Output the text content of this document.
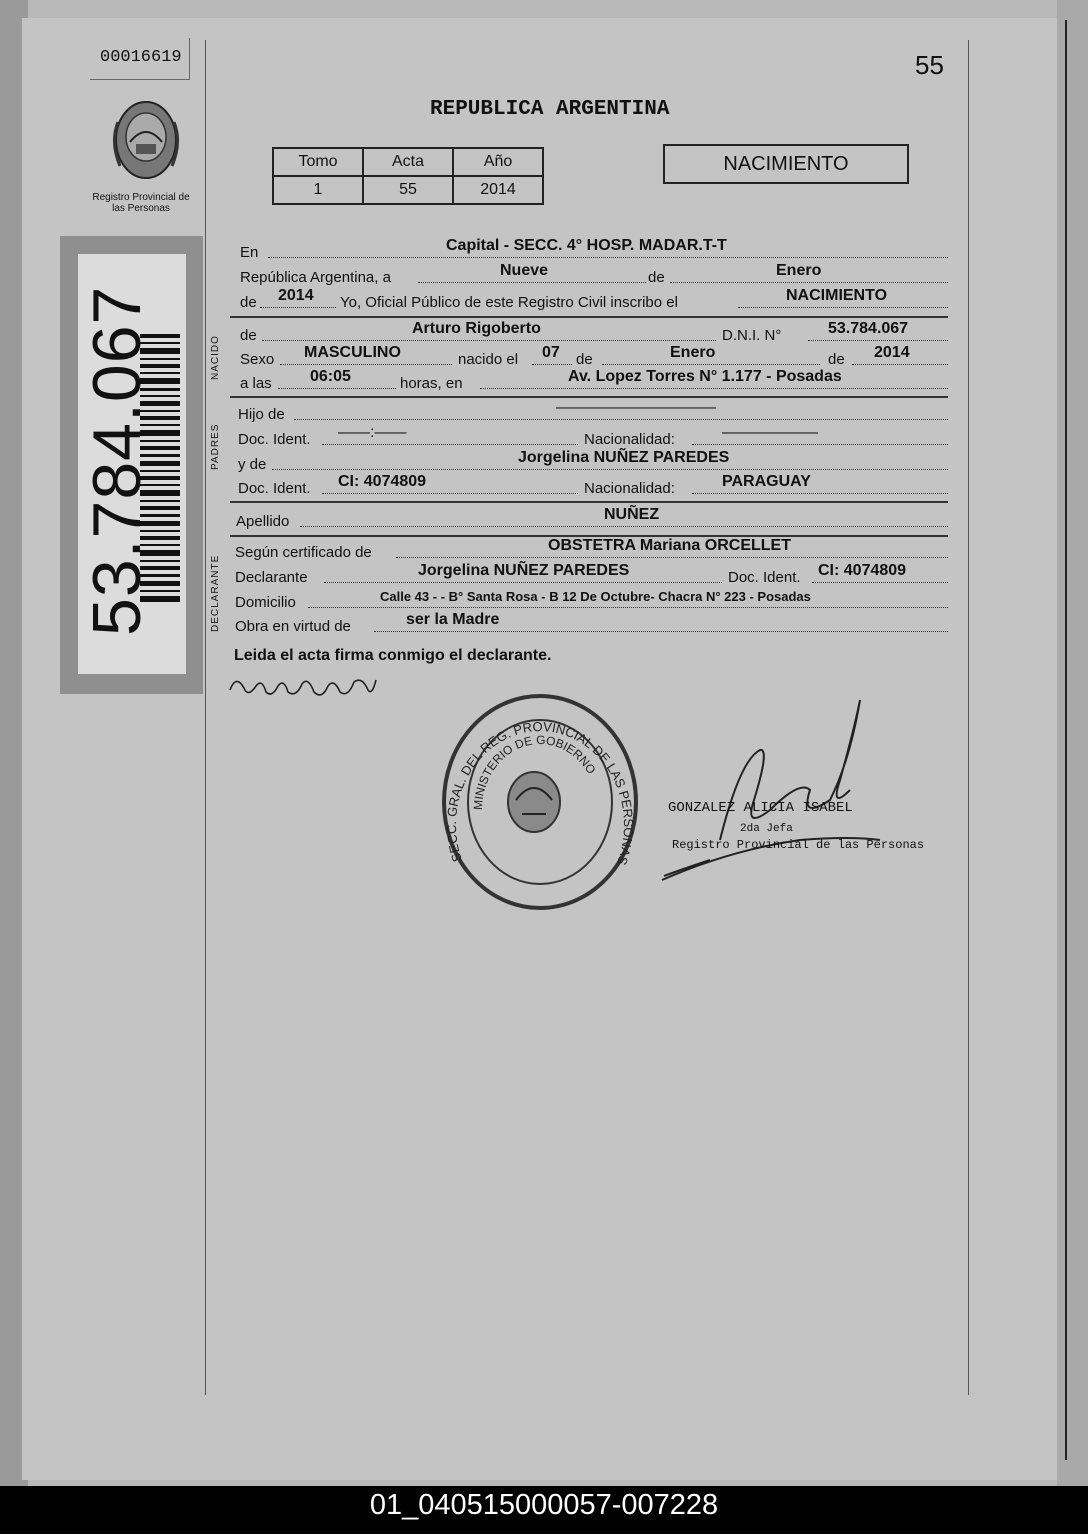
00016619	55
Registro Provincial de las Personas
53.784.067
REPUBLICA ARGENTINA
Tomo	Acta	Año
1	55	2014
NACIMIENTO
En	Capital - SECC. 4° HOSP. MADAR.T-T
República Argentina, a	Nueve	de	Enero
de 2014 Yo, Oficial Público de este Registro Civil inscribo el	NACIMIENTO
NACIDO de	Arturo Rigoberto	D.N.I. N°	53.784.067
Sexo MASCULINO	nacido el 07 de	Enero	de 2014
a las 06:05	horas, en	Av. Lopez Torres N° 1.177 - Posadas
PADRES
Hijo de	——————————
Doc. Ident. ——:——	Nacionalidad:	——————
y de	Jorgelina NUÑEZ PAREDES
Doc. Ident. CI: 4074809	Nacionalidad:	PARAGUAY
Apellido	NUÑEZ
DECLARANTE
Según certificado de	OBSTETRA Mariana ORCELLET
Declarante	Jorgelina NUÑEZ PAREDES	Doc. Ident. CI: 4074809
Domicilio	Calle 43 - - B° Santa Rosa - B 12 De Octubre- Chacra N° 223 - Posadas
Obra en virtud de	ser la Madre
Leida el acta firma conmigo el declarante.
SECC. GRAL. DEL REG. PROVINCIAL DE LAS PERSONAS
MINISTERIO DE GOBIERNO
GONZALEZ ALICIA ISABEL
2da Jefa
Registro Provincial de las Personas
01_040515000057-007228
